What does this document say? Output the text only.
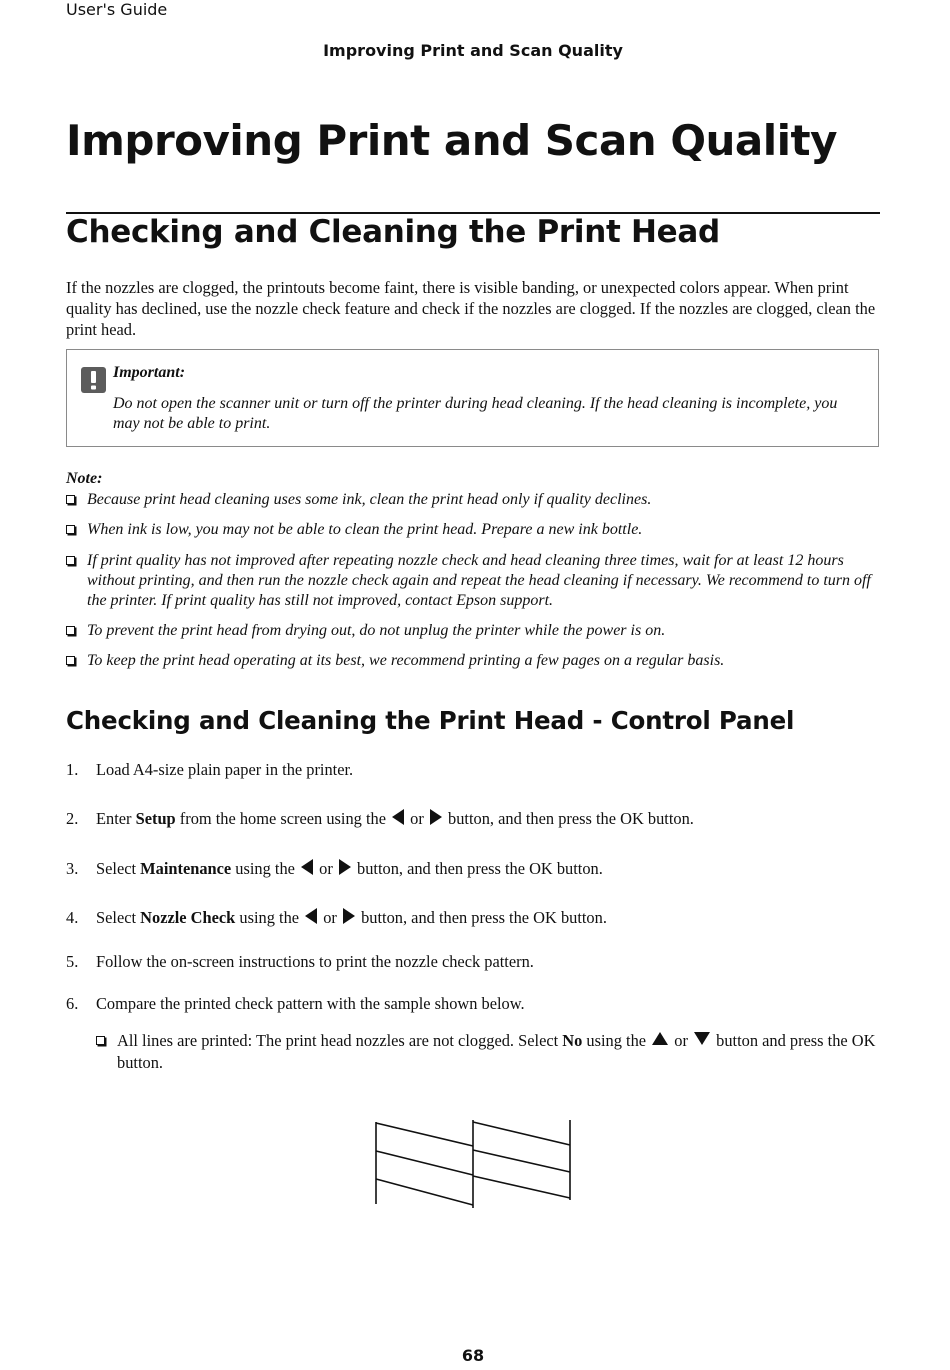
User's Guide
Improving Print and Scan Quality
Improving Print and Scan Quality
Checking and Cleaning the Print Head

If the nozzles are clogged, the printouts become faint, there is visible banding, or unexpected colors appear. When print quality has declined, use the nozzle check feature and check if the nozzles are clogged. If the nozzles are clogged, clean the print head.

Important:

Do not open the scanner unit or turn off the printer during head cleaning. If the head cleaning is incomplete, you may not be able to print.

Note:
Because print head cleaning uses some ink, clean the print head only if quality declines.
When ink is low, you may not be able to clean the print head. Prepare a new ink bottle.
If print quality has not improved after repeating nozzle check and head cleaning three times, wait for at least 12 hours without printing, and then run the nozzle check again and repeat the head cleaning if necessary. We recommend to turn off the printer. If print quality has still not improved, contact Epson support.
To prevent the print head from drying out, do not unplug the printer while the power is on.
To keep the print head operating at its best, we recommend printing a few pages on a regular basis.
Checking and Cleaning the Print Head - Control Panel
1. Load A4-size plain paper in the printer.
2. Enter Setup from the home screen using the  or  button, and then press the OK button.
3. Select Maintenance using the  or  button, and then press the OK button.
4. Select Nozzle Check using the  or  button, and then press the OK button.
5. Follow the on-screen instructions to print the nozzle check pattern.
6. Compare the printed check pattern with the sample shown below.
All lines are printed: The print head nozzles are not clogged. Select No using the  or  button and press the OK button.
68
